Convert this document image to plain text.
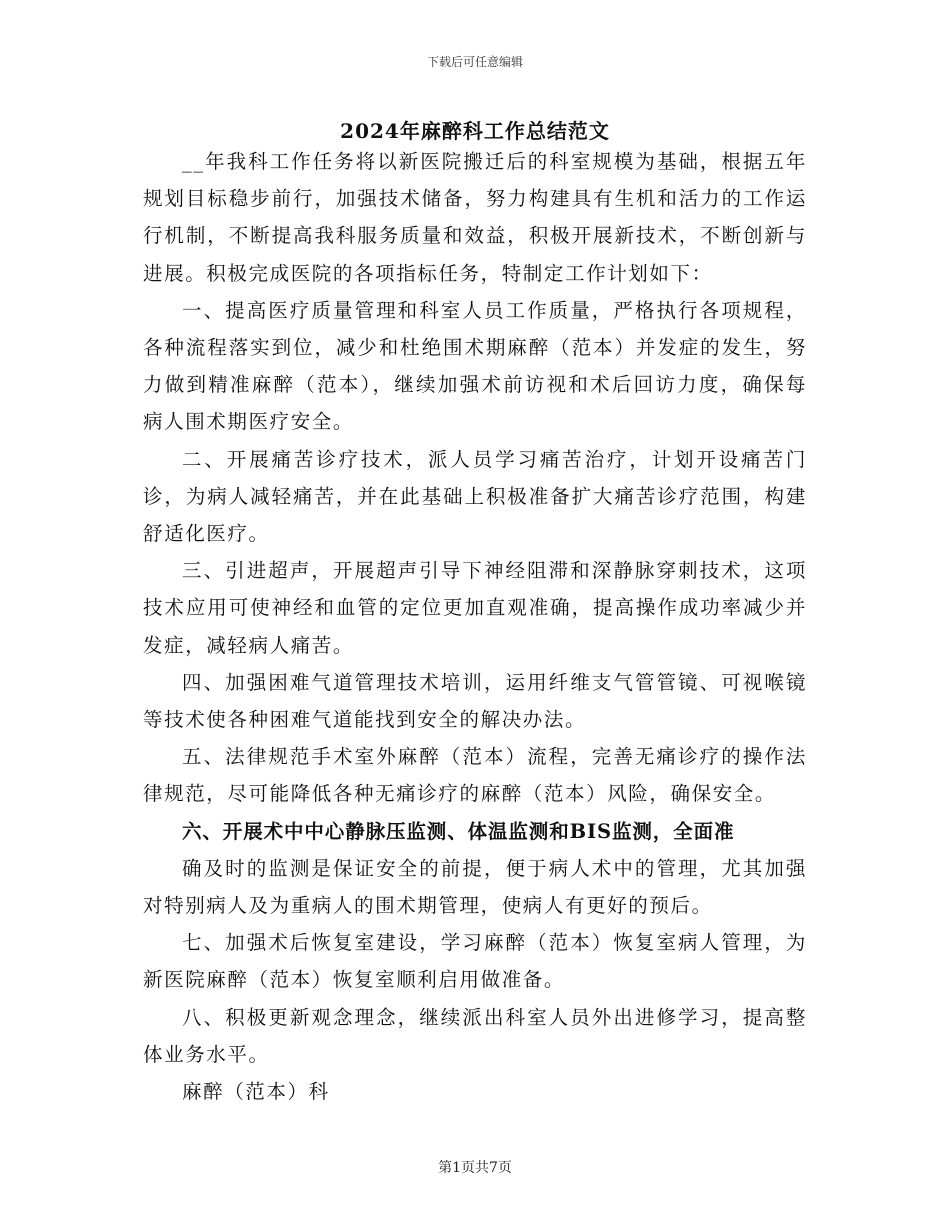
下载后可任意编辑
2024年麻醉科工作总结范文

__年我科工作任务将以新医院搬迁后的科室规模为基础，根据五年规划目标稳步前行，加强技术储备，努力构建具有生机和活力的工作运行机制，不断提高我科服务质量和效益，积极开展新技术，不断创新与进展。积极完成医院的各项指标任务，特制定工作计划如下：

一、提高医疗质量管理和科室人员工作质量，严格执行各项规程，各种流程落实到位，减少和杜绝围术期麻醉（范本）并发症的发生，努力做到精准麻醉（范本），继续加强术前访视和术后回访力度，确保每病人围术期医疗安全。

二、开展痛苦诊疗技术，派人员学习痛苦治疗，计划开设痛苦门诊，为病人减轻痛苦，并在此基础上积极准备扩大痛苦诊疗范围，构建舒适化医疗。

三、引进超声，开展超声引导下神经阻滞和深静脉穿刺技术，这项技术应用可使神经和血管的定位更加直观准确，提高操作成功率减少并发症，减轻病人痛苦。

四、加强困难气道管理技术培训，运用纤维支气管管镜、可视喉镜等技术使各种困难气道能找到安全的解决办法。

五、法律规范手术室外麻醉（范本）流程，完善无痛诊疗的操作法律规范，尽可能降低各种无痛诊疗的麻醉（范本）风险，确保安全。

六、开展术中中心静脉压监测、体温监测和BIS监测，全面准

确及时的监测是保证安全的前提，便于病人术中的管理，尤其加强对特别病人及为重病人的围术期管理，使病人有更好的预后。

七、加强术后恢复室建设，学习麻醉（范本）恢复室病人管理，为新医院麻醉（范本）恢复室顺利启用做准备。

八、积极更新观念理念，继续派出科室人员外出进修学习，提高整体业务水平。

麻醉（范本）科

第1页共7页
